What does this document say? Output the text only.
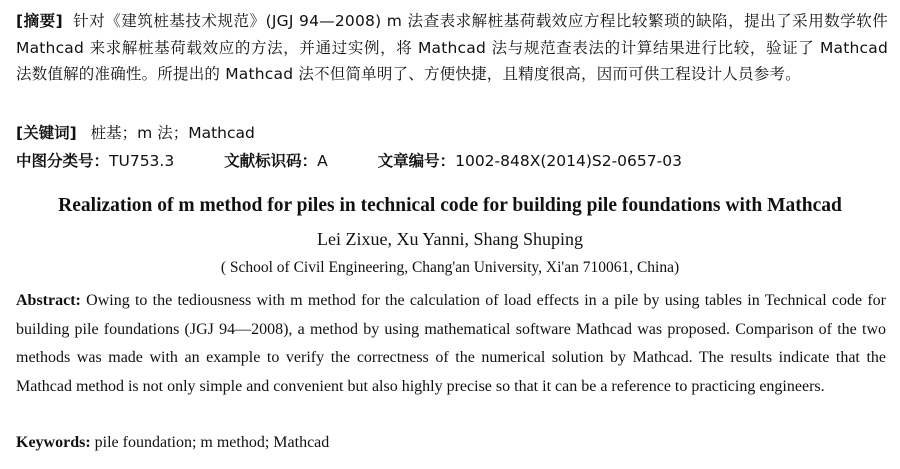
[摘要] 针对《建筑桩基技术规范》(JGJ 94—2008) m 法查表求解桩基荷载效应方程比较繁琐的缺陷，提出了采用数学软件 Mathcad 来求解桩基荷载效应的方法，并通过实例，将 Mathcad 法与规范查表法的计算结果进行比较，验证了 Mathcad 法数值解的准确性。所提出的 Mathcad 法不但简单明了、方便快捷，且精度很高，因而可供工程设计人员参考。
[关键词] 桩基；m 法；Mathcad
中图分类号：TU753.3	文献标识码：A	文章编号：1002-848X(2014)S2-0657-03
Realization of m method for piles in technical code for building pile foundations with Mathcad
Lei Zixue, Xu Yanni, Shang Shuping
( School of Civil Engineering, Chang'an University, Xi'an 710061, China)
Abstract: Owing to the tediousness with m method for the calculation of load effects in a pile by using tables in Technical code for building pile foundations (JGJ 94—2008), a method by using mathematical software Mathcad was proposed. Comparison of the two methods was made with an example to verify the correctness of the numerical solution by Mathcad. The results indicate that the Mathcad method is not only simple and convenient but also highly precise so that it can be a reference to practicing engineers.
Keywords: pile foundation; m method; Mathcad
